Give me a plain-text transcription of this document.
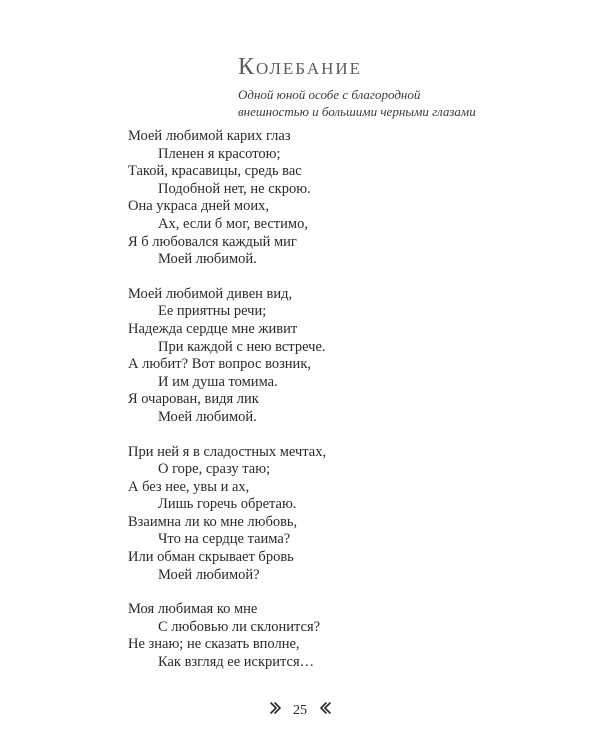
Колебание
Одной юной особе с благородной
внешностью и большими черными глазами
Моей любимой карих глаз
Пленен я красотою;
Такой, красавицы, средь вас
Подобной нет, не скрою.
Она украса дней моих,
Ах, если б мог, вестимо,
Я б любовался каждый миг
Моей любимой.
Моей любимой дивен вид,
Ее приятны речи;
Надежда сердце мне живит
При каждой с нею встрече.
А любит? Вот вопрос возник,
И им душа томима.
Я очарован, видя лик
Моей любимой.
При ней я в сладостных мечтах,
О горе, сразу таю;
А без нее, увы и ах,
Лишь горечь обретаю.
Взаимна ли ко мне любовь,
Что на сердце таима?
Или обман скрывает бровь
Моей любимой?
Моя любимая ко мне
С любовью ли склонится?
Не знаю; не сказать вполне,
Как взгляд ее искрится…
25
